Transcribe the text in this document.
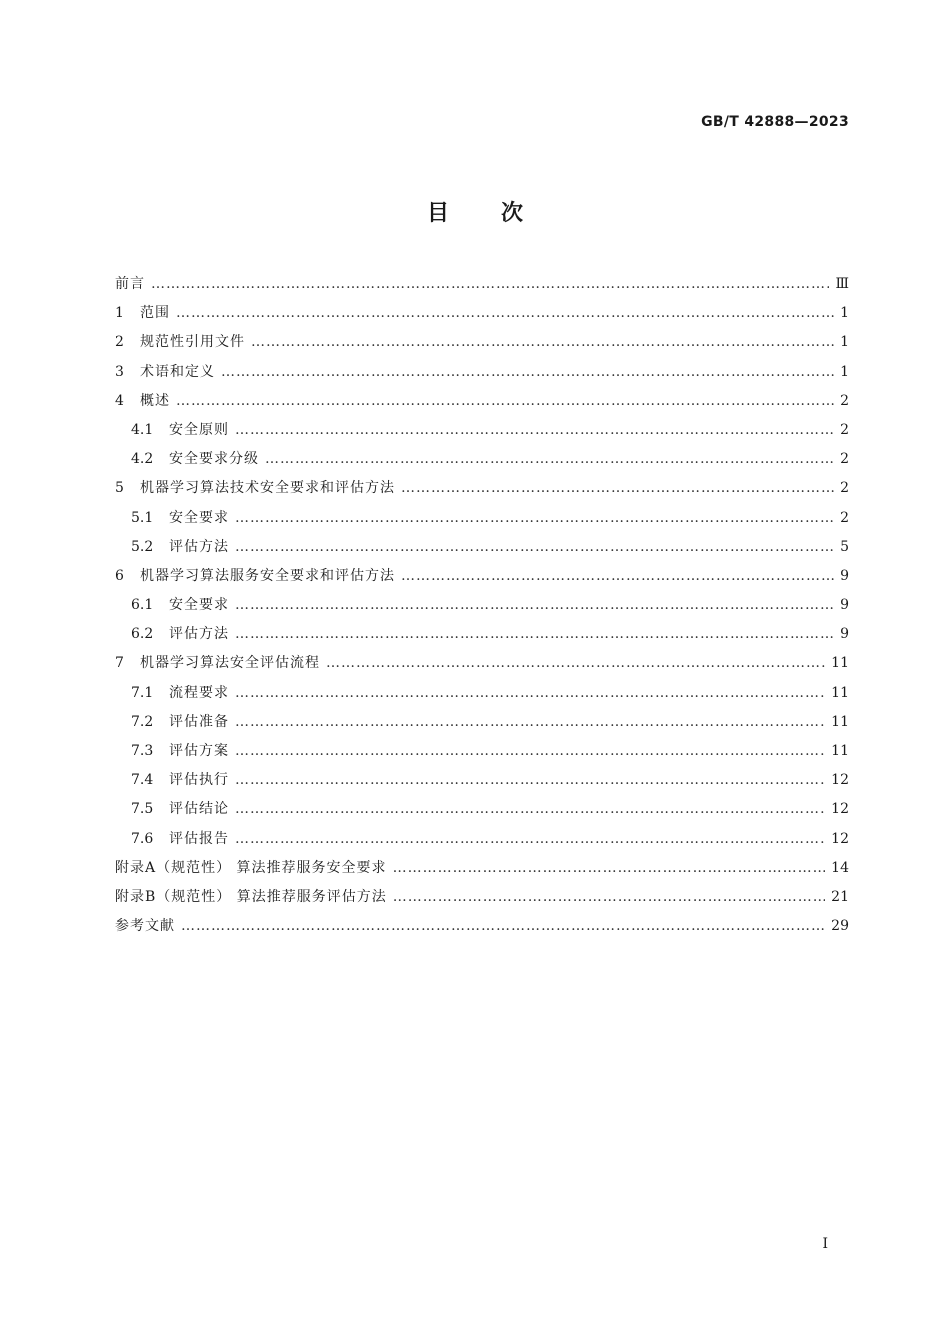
GB/T 42888—2023
目次
前言 …………………………………………………………………………………………………………………………………………………………………………………………………	Ⅲ
1	范围 …………………………………………………………………………………………………………………………………………………………………………………………………	1
2	规范性引用文件 …………………………………………………………………………………………………………………………………………………………………………………………………	1
3	术语和定义 …………………………………………………………………………………………………………………………………………………………………………………………………	1
4	概述 …………………………………………………………………………………………………………………………………………………………………………………………………	2
4.1	安全原则 …………………………………………………………………………………………………………………………………………………………………………………………………	2
4.2	安全要求分级 …………………………………………………………………………………………………………………………………………………………………………………………………	2
5	机器学习算法技术安全要求和评估方法 …………………………………………………………………………………………………………………………………………………………………………………………………	2
5.1	安全要求 …………………………………………………………………………………………………………………………………………………………………………………………………	2
5.2	评估方法 …………………………………………………………………………………………………………………………………………………………………………………………………	5
6	机器学习算法服务安全要求和评估方法 …………………………………………………………………………………………………………………………………………………………………………………………………	9
6.1	安全要求 …………………………………………………………………………………………………………………………………………………………………………………………………	9
6.2	评估方法 …………………………………………………………………………………………………………………………………………………………………………………………………	9
7	机器学习算法安全评估流程 …………………………………………………………………………………………………………………………………………………………………………………………………	11
7.1	流程要求 …………………………………………………………………………………………………………………………………………………………………………………………………	11
7.2	评估准备 …………………………………………………………………………………………………………………………………………………………………………………………………	11
7.3	评估方案 …………………………………………………………………………………………………………………………………………………………………………………………………	11
7.4	评估执行 …………………………………………………………………………………………………………………………………………………………………………………………………	12
7.5	评估结论 …………………………………………………………………………………………………………………………………………………………………………………………………	12
7.6	评估报告 …………………………………………………………………………………………………………………………………………………………………………………………………	12
附录A（规范性） 算法推荐服务安全要求 …………………………………………………………………………………………………………………………………………………………………………………………………	14
附录B（规范性） 算法推荐服务评估方法 …………………………………………………………………………………………………………………………………………………………………………………………………	21
参考文献 …………………………………………………………………………………………………………………………………………………………………………………………………	29
Ⅰ
